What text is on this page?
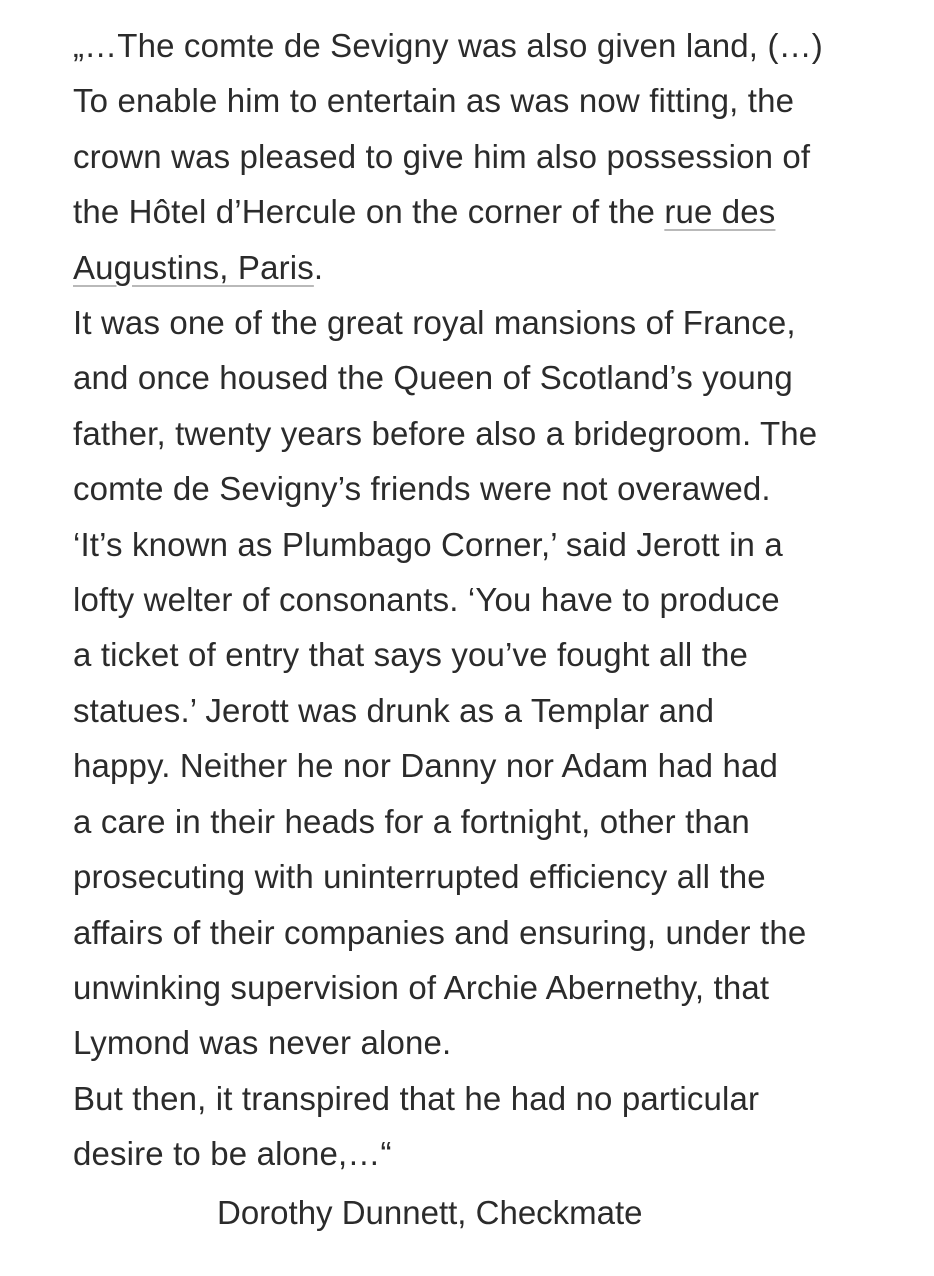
„…The comte de Sevigny was also given land, (…)
To enable him to entertain as was now fitting, the
crown was pleased to give him also possession of
the Hôtel d’Hercule on the corner of the rue des
Augustins, Paris.
It was one of the great royal mansions of France,
and once housed the Queen of Scotland’s young
father, twenty years before also a bridegroom. The
comte de Sevigny’s friends were not overawed.
‘It’s known as Plumbago Corner,’ said Jerott in a
lofty welter of consonants. ‘You have to produce
a ticket of entry that says you’ve fought all the
statues.’ Jerott was drunk as a Templar and
happy. Neither he nor Danny nor Adam had had
a care in their heads for a fortnight, other than
prosecuting with uninterrupted efficiency all the
affairs of their companies and ensuring, under the
unwinking supervision of Archie Abernethy, that
Lymond was never alone.
But then, it transpired that he had no particular
desire to be alone,…“
Dorothy Dunnett, Checkmate
